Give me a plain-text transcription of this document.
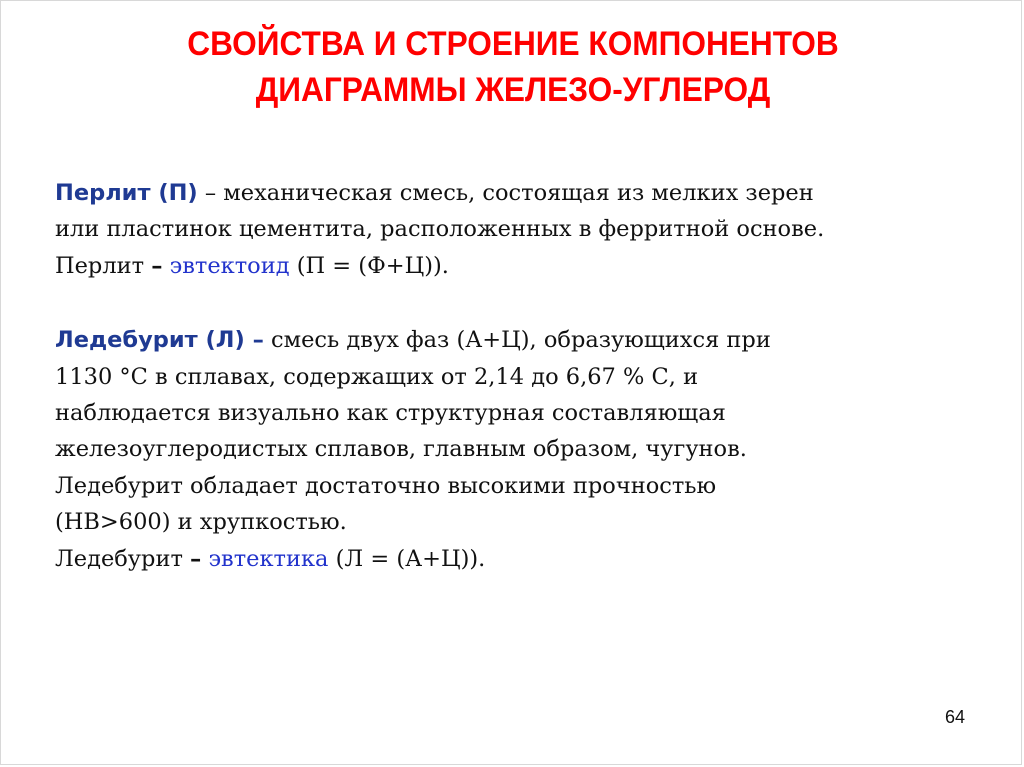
СВОЙСТВА И СТРОЕНИЕ КОМПОНЕНТОВ
ДИАГРАММЫ ЖЕЛЕЗО-УГЛЕРОД
Перлит (П) – механическая смесь, состоящая из мелких зерен
или пластинок цементита, расположенных в ферритной основе.
Перлит – эвтектоид (П = (Ф+Ц)).
Ледебурит (Л) – смесь двух фаз (А+Ц), образующихся при
1130 °С в сплавах, содержащих от 2,14 до 6,67 % С, и
наблюдается визуально как структурная составляющая
железоуглеродистых сплавов, главным образом, чугунов.
Ледебурит обладает достаточно высокими прочностью
(НВ>600) и хрупкостью.
Ледебурит – эвтектика (Л = (А+Ц)).
64
